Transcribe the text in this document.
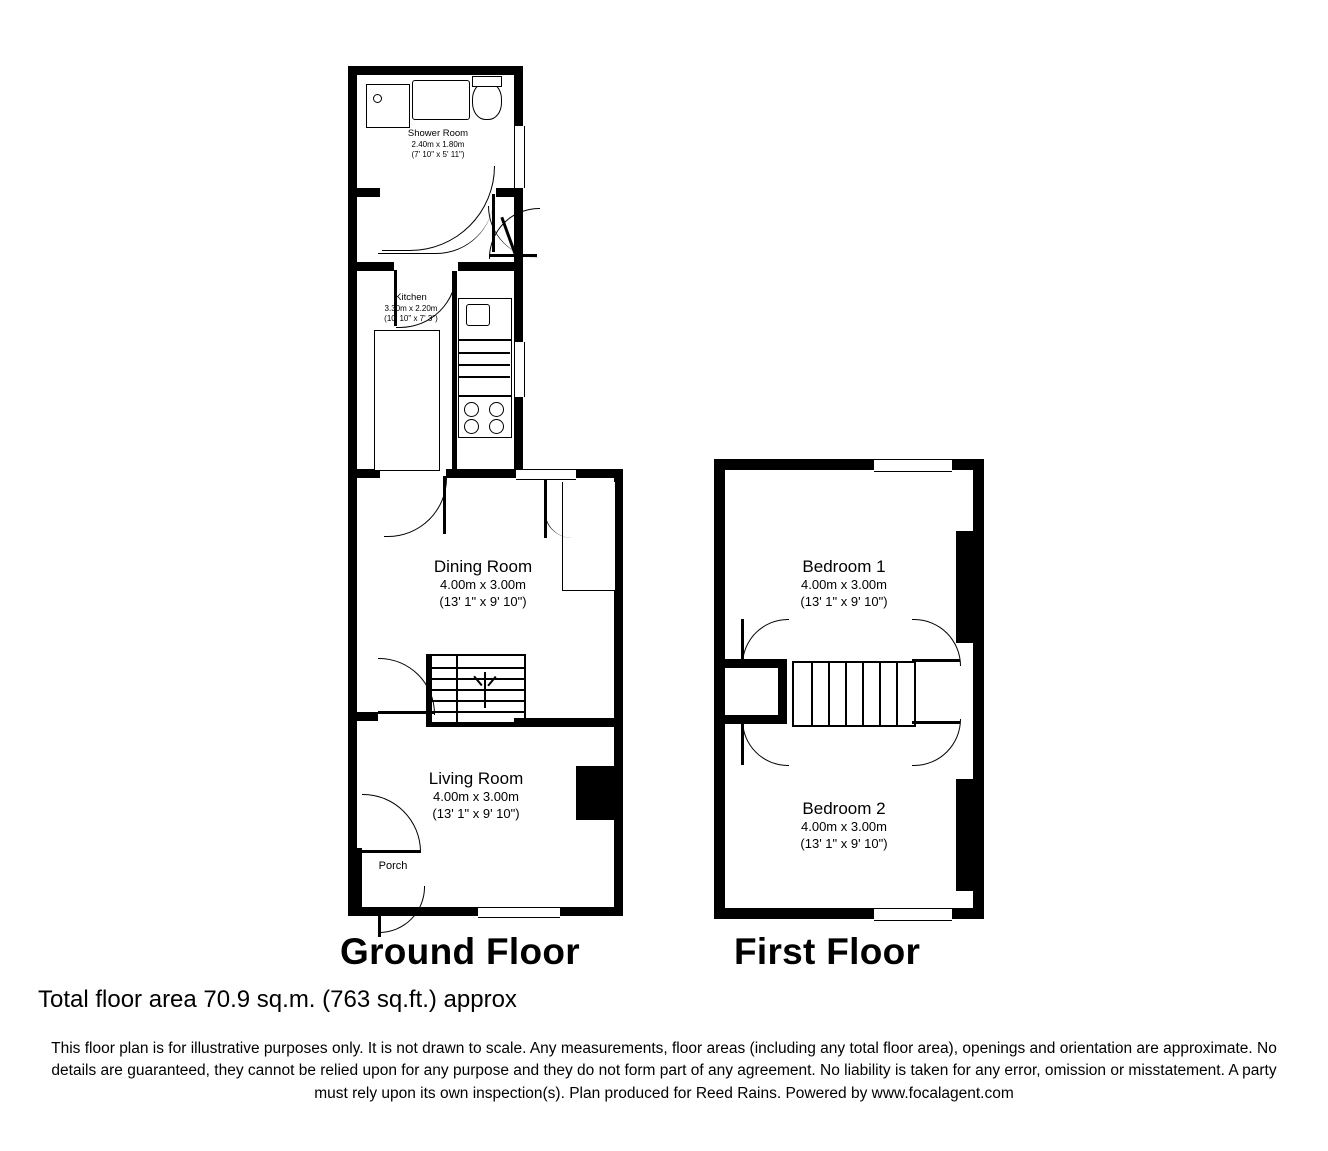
Shower Room
2.40m x 1.80m
(7' 10" x 5' 11")
Kitchen
3.30m x 2.20m
(10' 10" x 7' 3")
Dining Room
4.00m x 3.00m
(13' 1" x 9' 10")
Living Room
4.00m x 3.00m
(13' 1" x 9' 10")
Porch
Ground Floor
Bedroom 1
4.00m x 3.00m
(13' 1" x 9' 10")
Bedroom 2
4.00m x 3.00m
(13' 1" x 9' 10")
First Floor
Total floor area 70.9 sq.m. (763 sq.ft.) approx
This floor plan is for illustrative purposes only. It is not drawn to scale. Any measurements, floor areas (including any total floor area), openings and orientation are approximate. No details are guaranteed, they cannot be relied upon for any purpose and they do not form part of any agreement. No liability is taken for any error, omission or misstatement. A party must rely upon its own inspection(s). Plan produced for Reed Rains. Powered by www.focalagent.com
